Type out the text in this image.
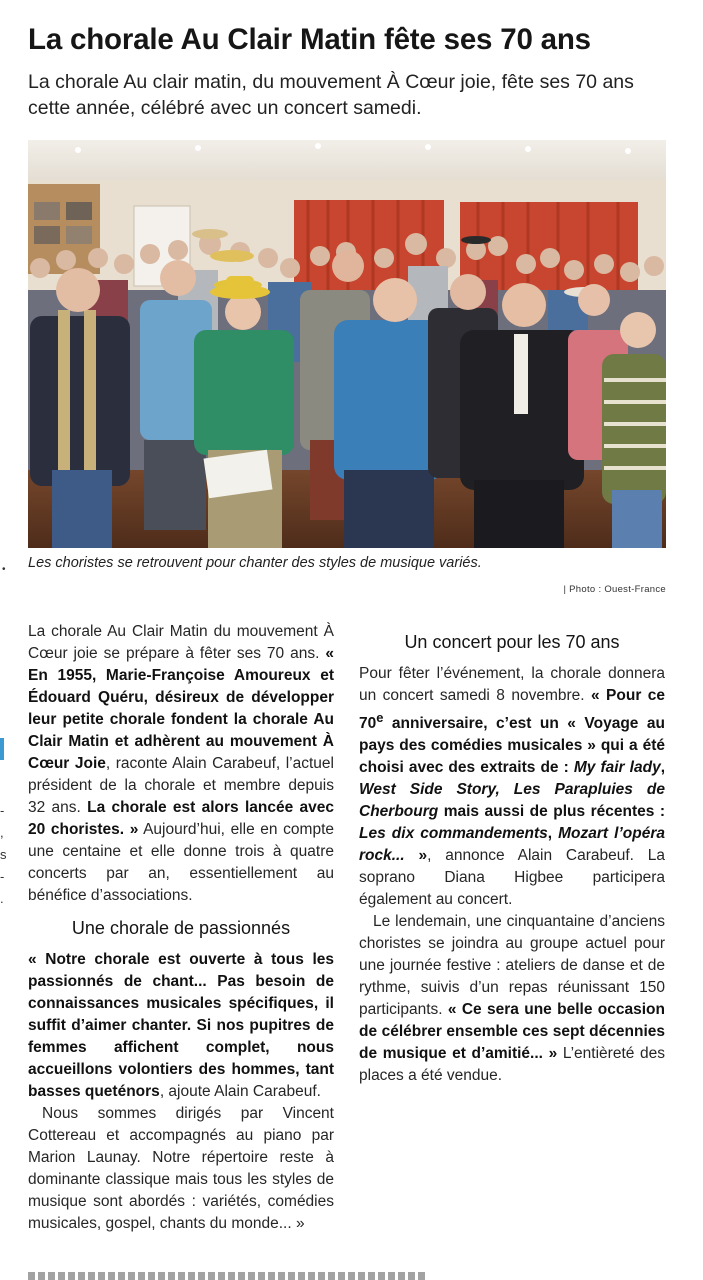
La chorale Au Clair Matin fête ses 70 ans
La chorale Au clair matin, du mouvement À Cœur joie, fête ses 70 ans cette année, célébré avec un concert samedi.
Les choristes se retrouvent pour chanter des styles de musique variés.
| Photo : Ouest-France
•
-
,
s
-
.

La chorale Au Clair Matin du mouvement À Cœur joie se prépare à fêter ses 70 ans. « En 1955, Marie-Françoise Amoureux et Édouard Quéru, désireux de développer leur petite chorale fondent la chorale Au Clair Matin et adhèrent au mouvement À Cœur Joie, raconte Alain Carabeuf, l’actuel président de la chorale et membre depuis 32 ans. La chorale est alors lancée avec 20 choristes. » Aujourd’hui, elle en compte une centaine et elle donne trois à quatre concerts par an, essentiellement au bénéfice d’associations.

Une chorale de passionnés

« Notre chorale est ouverte à tous les passionnés de chant... Pas besoin de connaissances musicales spécifiques, il suffit d’aimer chanter. Si nos pupitres de femmes affichent complet, nous accueillons volontiers des hommes, tant basses queténors, ajoute Alain Carabeuf.

Nous sommes dirigés par Vincent Cottereau et accompagnés au piano par Marion Launay. Notre répertoire reste à dominante classique mais tous les styles de musique sont abordés : variétés, comédies musicales, gospel, chants du monde... »

Un concert pour les 70 ans

Pour fêter l’événement, la chorale donnera un concert samedi 8 novembre. « Pour ce 70e anniversaire, c’est un « Voyage au pays des comédies musicales » qui a été choisi avec des extraits de : My fair lady, West Side Story, Les Parapluies de Cherbourg mais aussi de plus récentes : Les dix commandements, Mozart l’opéra rock... », annonce Alain Carabeuf. La soprano Diana Higbee participera également au concert.

Le lendemain, une cinquantaine d’anciens choristes se joindra au groupe actuel pour une journée festive : ateliers de danse et de rythme, suivis d’un repas réunissant 150 participants. « Ce sera une belle occasion de célébrer ensemble ces sept décennies de musique et d’amitié... » L’entièreté des places a été vendue.
